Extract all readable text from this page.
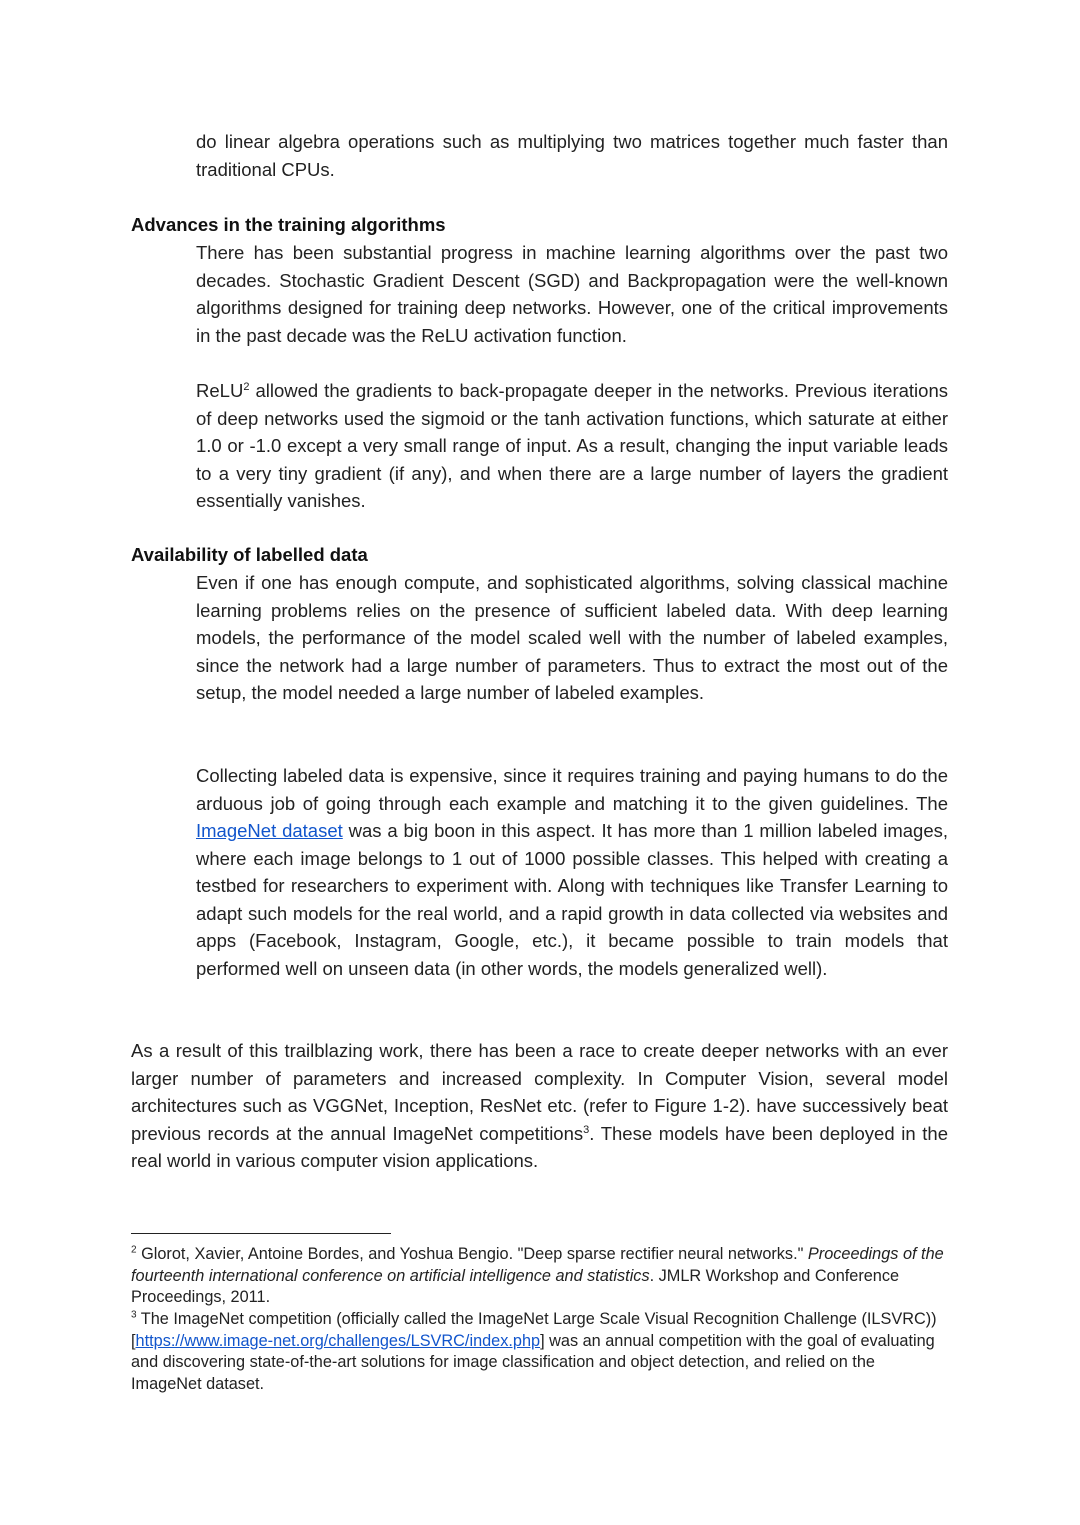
do linear algebra operations such as multiplying two matrices together much faster than traditional CPUs.

Advances in the training algorithms

There has been substantial progress in machine learning algorithms over the past two decades. Stochastic Gradient Descent (SGD) and Backpropagation were the well-known algorithms designed for training deep networks. However, one of the critical improvements in the past decade was the ReLU activation function.

ReLU$^2$ allowed the gradients to back-propagate deeper in the networks. Previous iterations of deep networks used the sigmoid or the tanh activation functions, which saturate at either 1.0 or -1.0 except a very small range of input. As a result, changing the input variable leads to a very tiny gradient (if any), and when there are a large number of layers the gradient essentially vanishes.

Availability of labelled data

Even if one has enough compute, and sophisticated algorithms, solving classical machine learning problems relies on the presence of sufficient labeled data. With deep learning models, the performance of the model scaled well with the number of labeled examples, since the network had a large number of parameters. Thus to extract the most out of the setup, the model needed a large number of labeled examples.

Collecting labeled data is expensive, since it requires training and paying humans to do the arduous job of going through each example and matching it to the given guidelines. The ImageNet dataset was a big boon in this aspect. It has more than 1 million labeled images, where each image belongs to 1 out of 1000 possible classes. This helped with creating a testbed for researchers to experiment with. Along with techniques like Transfer Learning to adapt such models for the real world, and a rapid growth in data collected via websites and apps (Facebook, Instagram, Google, etc.), it became possible to train models that performed well on unseen data (in other words, the models generalized well).

As a result of this trailblazing work, there has been a race to create deeper networks with an ever larger number of parameters and increased complexity. In Computer Vision, several model architectures such as VGGNet, Inception, ResNet etc. (refer to Figure 1-2). have successively beat previous records at the annual ImageNet competitions$^3$. These models have been deployed in the real world in various computer vision applications.

$^2$ Glorot, Xavier, Antoine Bordes, and Yoshua Bengio. "Deep sparse rectifier neural networks." Proceedings of the fourteenth international conference on artificial intelligence and statistics. JMLR Workshop and Conference Proceedings, 2011.

$^3$ The ImageNet competition (officially called the ImageNet Large Scale Visual Recognition Challenge (ILSVRC)) [https://www.image-net.org/challenges/LSVRC/index.php] was an annual competition with the goal of evaluating and discovering state-of-the-art solutions for image classification and object detection, and relied on the ImageNet dataset.
